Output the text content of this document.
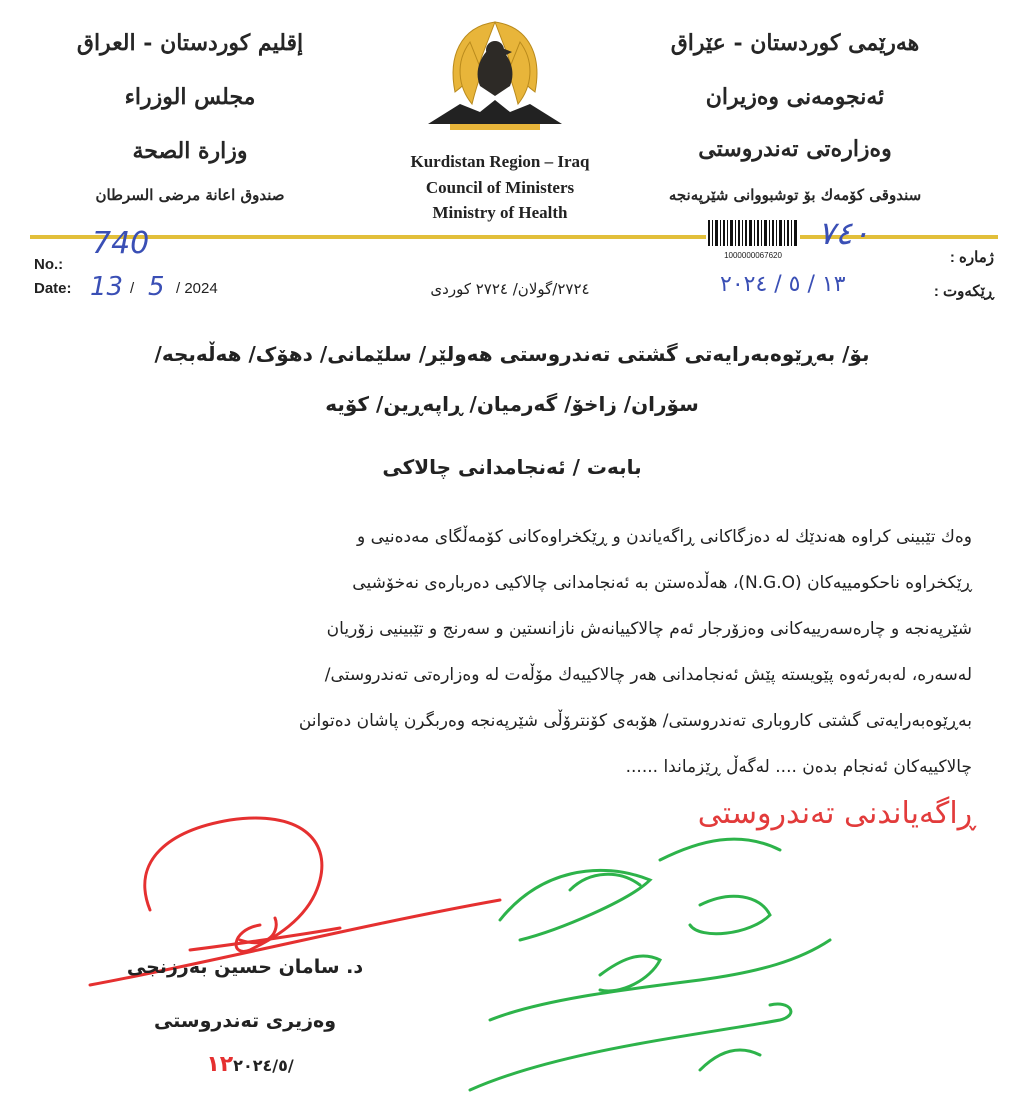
إقليم كوردستان - العراق
مجلس الوزراء
وزارة الصحة
صندوق اعانة مرضى السرطان
Kurdistan Region – Iraq
Council of Ministers
Ministry of Health
هەرێمی کوردستان - عێراق
ئەنجومەنی وەزیران
وەزارەتی تەندروستی
سندوقی کۆمەك بۆ توشبووانی شێرپەنجە
1000000067620
No.:
740
Date: 13 / 5 / 2024
ژمارە :
٧٤٠
ڕێکەوت :
١٣ / ٥ / ٢٠٢٤
٢٧٢٤/گولان/ ٢٧٢٤ کوردی
بۆ/ بەڕێوەبەرایەتی گشتی تەندروستی هەولێر/ سلێمانی/ دهۆک/ هەڵەبجە/
سۆران/ زاخۆ/ گەرمیان/ ڕاپەڕین/ کۆیە
بابەت / ئەنجامدانی چالاکی
وەك تێبینی کراوە هەندێك لە دەزگاکانی ڕاگەیاندن و ڕێکخراوەکانی کۆمەڵگای مەدەنیی و
ڕێکخراوە ناحکومییەکان (N.G.O)، هەڵدەستن بە ئەنجامدانی چالاکیی دەربارەی نەخۆشیی
شێرپەنجە و چارەسەرییەکانی وەزۆرجار ئەم چالاکییانەش نازانستین و سەرنج و تێبینیی زۆریان
لەسەرە، لەبەرئەوە پێویستە پێش ئەنجامدانی هەر چالاکییەك مۆڵەت لە وەزارەتی تەندروستی/
بەڕێوەبەرایەتی گشتی کاروباری تەندروستی/ هۆبەی کۆنترۆڵی شێرپەنجە وەربگرن پاشان دەتوانن
چالاکییەکان ئەنجام بدەن .... لەگەڵ ڕێزماندا ......
ڕاگەیاندنی تەندروستی
د. سامان حسین بەرزنجی
وەزیری تەندروستی
١٢٢٠٢٤/٥/
